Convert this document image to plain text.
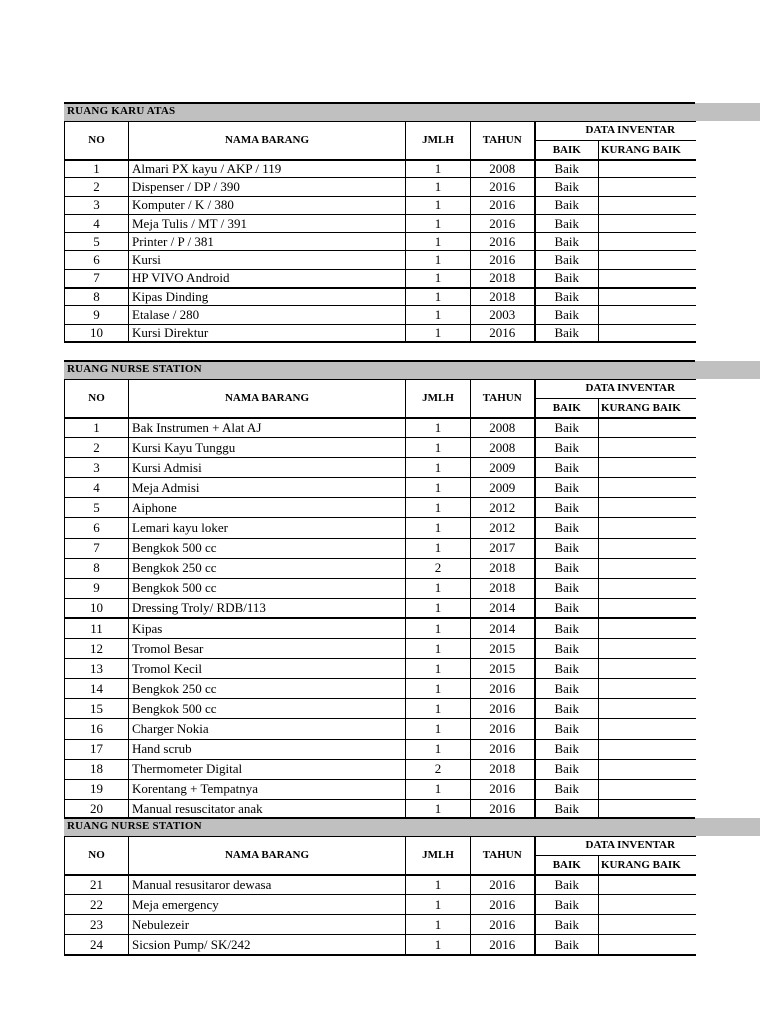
RUANG KARU ATAS
NO	NAMA BARANG	JMLH	TAHUN	DATA INVENTAR	

				BAIK	KURANG BAIK
1	Almari PX kayu / AKP / 119	1	2008	Baik	
2	Dispenser / DP / 390	1	2016	Baik	
3	Komputer / K / 380	1	2016	Baik	
4	Meja Tulis / MT / 391	1	2016	Baik	
5	Printer / P / 381	1	2016	Baik	
6	Kursi	1	2016	Baik	
7	HP VIVO Android	1	2018	Baik	
8	Kipas Dinding	1	2018	Baik	
9	Etalase / 280	1	2003	Baik	
10	Kursi Direktur	1	2016	Baik	
RUANG NURSE STATION
NO	NAMA BARANG	JMLH	TAHUN	DATA INVENTAR	

				BAIK	KURANG BAIK
1	Bak Instrumen + Alat AJ	1	2008	Baik	
2	Kursi Kayu Tunggu	1	2008	Baik	
3	Kursi Admisi	1	2009	Baik	
4	Meja Admisi	1	2009	Baik	
5	Aiphone	1	2012	Baik	
6	Lemari kayu loker	1	2012	Baik	
7	Bengkok 500 cc	1	2017	Baik	
8	Bengkok 250 cc	2	2018	Baik	
9	Bengkok 500 cc	1	2018	Baik	
10	Dressing Troly/ RDB/113	1	2014	Baik	
11	Kipas	1	2014	Baik	
12	Tromol Besar	1	2015	Baik	
13	Tromol Kecil	1	2015	Baik	
14	Bengkok 250 cc	1	2016	Baik	
15	Bengkok 500 cc	1	2016	Baik	
16	Charger Nokia	1	2016	Baik	
17	Hand scrub	1	2016	Baik	
18	Thermometer Digital	2	2018	Baik	
19	Korentang + Tempatnya	1	2016	Baik	
20	Manual resuscitator anak	1	2016	Baik	
RUANG NURSE STATION
NO	NAMA BARANG	JMLH	TAHUN	DATA INVENTAR	

				BAIK	KURANG BAIK
21	Manual resusitaror dewasa	1	2016	Baik	
22	Meja emergency	1	2016	Baik	
23	Nebulezeir	1	2016	Baik	
24	Sicsion Pump/ SK/242	1	2016	Baik	
